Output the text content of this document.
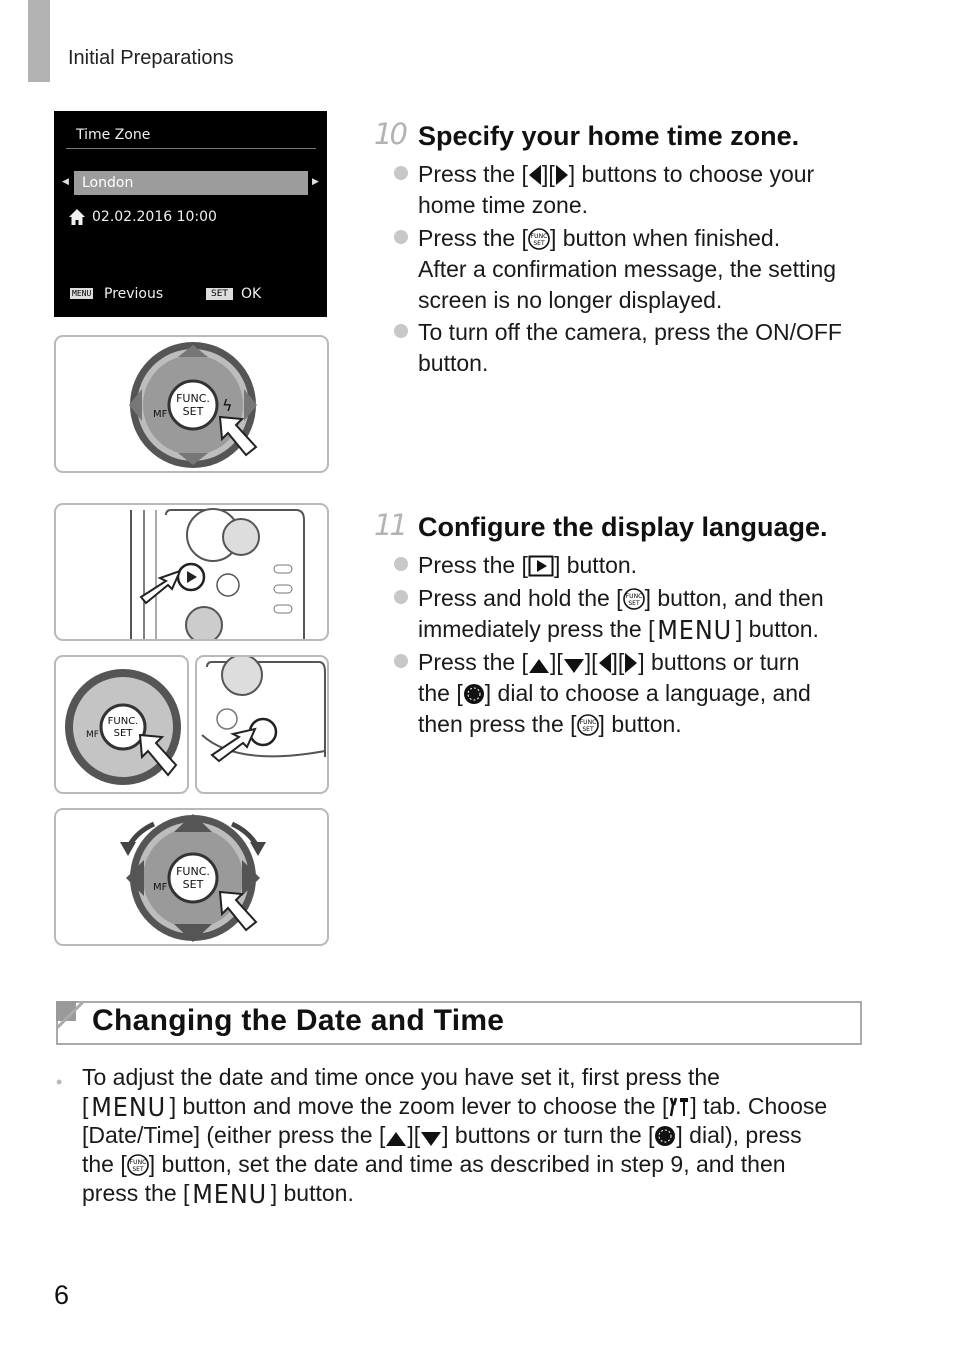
Initial Preparations
Time Zone
◀ London	▶
02.02.2016 10:00
MENU Previous	SET OK
FUNC.
SET
MF	ϟ
10 Specify your home time zone.
Press the [ ][ ] buttons to choose your
home time zone.
Press the [ FUNC
SET ] button when finished.
After a confirmation message, the setting
screen is no longer displayed.
To turn off the camera, press the ON/OFF
button.
FUNC.
SET
MF
FUNC.
SET
MF
11 Configure the display language.
Press the [ ] button.
Press and hold the [ FUNC
SET ] button, and then
immediately press the [ MENU ] button.
Press the [ ][ ][ ][ ] buttons or turn
the [ ] dial to choose a language, and
then press the [ FUNC
SET ] button.
Changing the Date and Time
• To adjust the date and time once you have set it, first press the
[ MENU ] button and move the zoom lever to choose the [ ] tab. Choose
[Date/Time] (either press the [ ][ ] buttons or turn the [ ] dial), press
the [ FUNC
SET ] button, set the date and time as described in step 9, and then
press the [ MENU ] button.
6
